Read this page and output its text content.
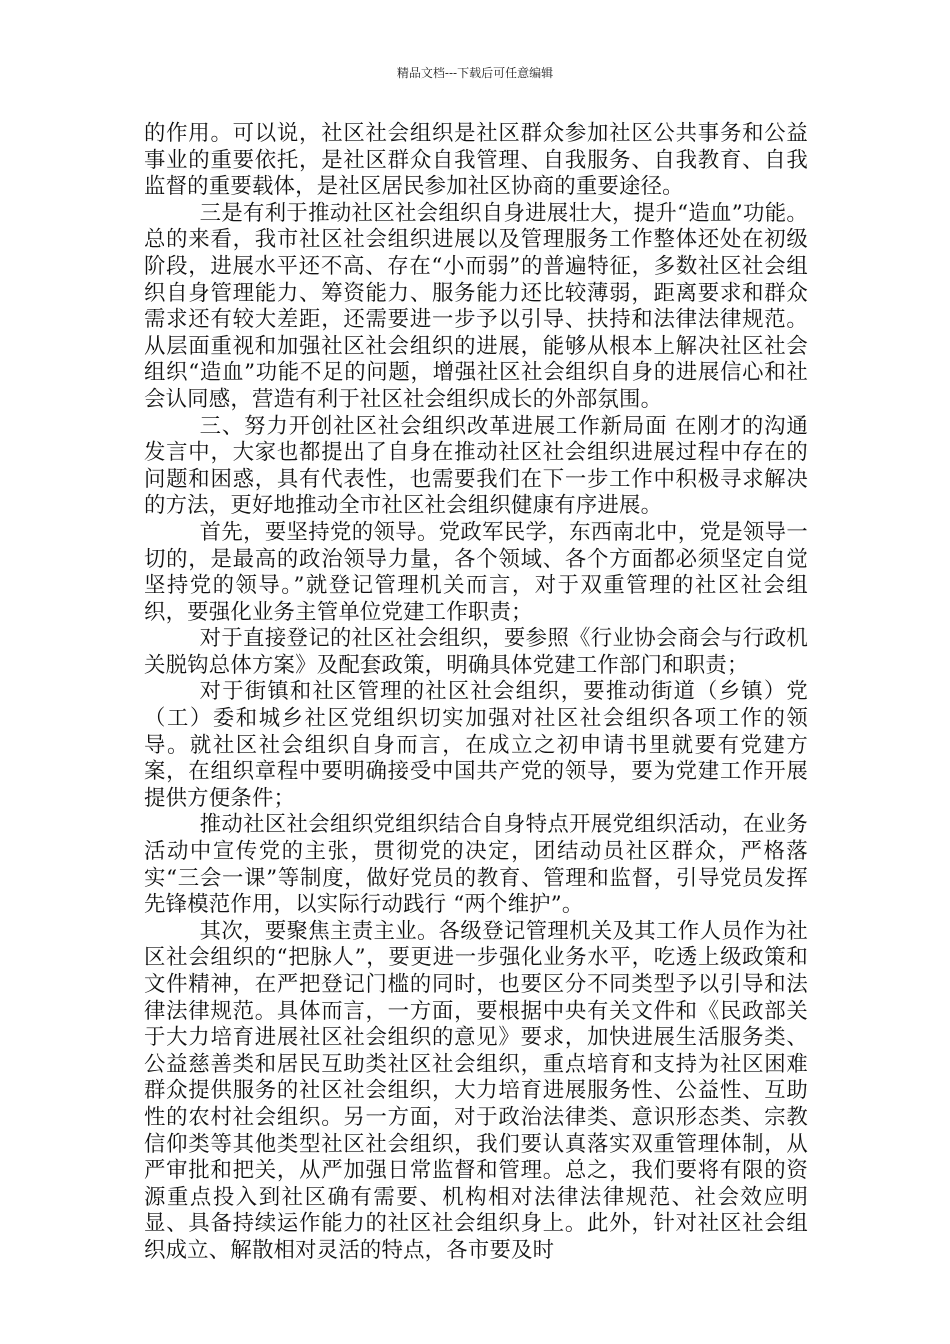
精品文档---下载后可任意编辑

的作用。可以说，社区社会组织是社区群众参加社区公共事务和公益事业的重要依托，是社区群众自我管理、自我服务、自我教育、自我监督的重要载体，是社区居民参加社区协商的重要途径。

三是有利于推动社区社会组织自身进展壮大，提升“造血”功能。总的来看，我市社区社会组织进展以及管理服务工作整体还处在初级阶段，进展水平还不高、存在“小而弱”的普遍特征，多数社区社会组织自身管理能力、筹资能力、服务能力还比较薄弱，距离要求和群众需求还有较大差距，还需要进一步予以引导、扶持和法律法律规范。从层面重视和加强社区社会组织的进展，能够从根本上解决社区社会组织“造血”功能不足的问题，增强社区社会组织自身的进展信心和社会认同感，营造有利于社区社会组织成长的外部氛围。

三、努力开创社区社会组织改革进展工作新局面 在刚才的沟通发言中，大家也都提出了自身在推动社区社会组织进展过程中存在的问题和困惑，具有代表性，也需要我们在下一步工作中积极寻求解决的方法，更好地推动全市社区社会组织健康有序进展。

首先，要坚持党的领导。党政军民学，东西南北中，党是领导一切的，是最高的政治领导力量，各个领域、各个方面都必须坚定自觉坚持党的领导。”就登记管理机关而言，对于双重管理的社区社会组织，要强化业务主管单位党建工作职责；

对于直接登记的社区社会组织，要参照《行业协会商会与行政机关脱钩总体方案》及配套政策，明确具体党建工作部门和职责；

对于街镇和社区管理的社区社会组织，要推动街道（乡镇）党（工）委和城乡社区党组织切实加强对社区社会组织各项工作的领导。就社区社会组织自身而言，在成立之初申请书里就要有党建方案，在组织章程中要明确接受中国共产党的领导，要为党建工作开展提供方便条件；

推动社区社会组织党组织结合自身特点开展党组织活动，在业务活动中宣传党的主张，贯彻党的决定，团结动员社区群众，严格落实“三会一课”等制度，做好党员的教育、管理和监督，引导党员发挥先锋模范作用，以实际行动践行 “两个维护”。

其次，要聚焦主责主业。各级登记管理机关及其工作人员作为社区社会组织的“把脉人”，要更进一步强化业务水平，吃透上级政策和文件精神，在严把登记门槛的同时，也要区分不同类型予以引导和法律法律规范。具体而言，一方面，要根据中央有关文件和《民政部关于大力培育进展社区社会组织的意见》要求，加快进展生活服务类、公益慈善类和居民互助类社区社会组织，重点培育和支持为社区困难群众提供服务的社区社会组织，大力培育进展服务性、公益性、互助性的农村社会组织。另一方面，对于政治法律类、意识形态类、宗教信仰类等其他类型社区社会组织，我们要认真落实双重管理体制，从严审批和把关，从严加强日常监督和管理。总之，我们要将有限的资源重点投入到社区确有需要、机构相对法律法律规范、社会效应明显、具备持续运作能力的社区社会组织身上。此外，针对社区社会组织成立、解散相对灵活的特点，各市要及时
